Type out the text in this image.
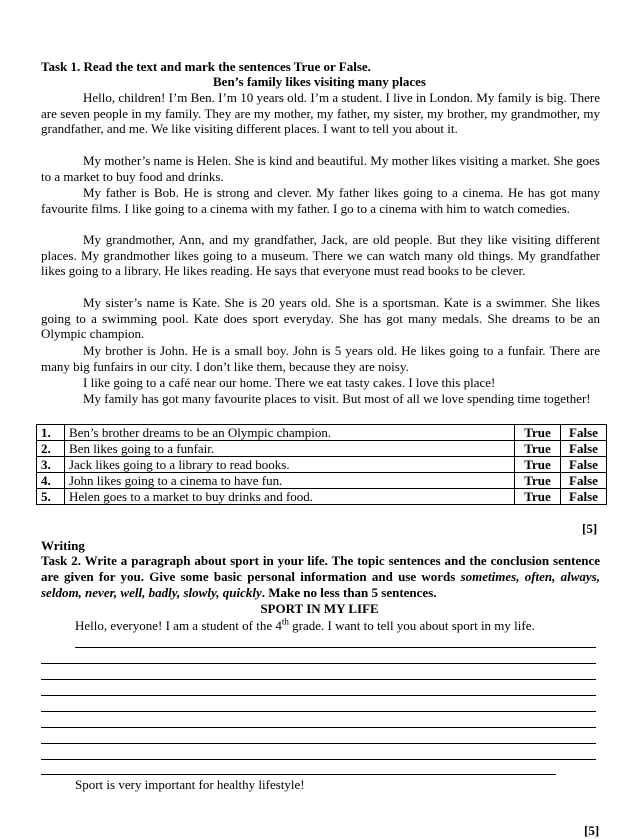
Task 1. Read the text and mark the sentences True or False.
Ben’s family likes visiting many places
Hello, children! I’m Ben. I’m 10 years old. I’m a student. I live in London. My family is big. There are seven people in my family. They are my mother, my father, my sister, my brother, my grandmother, my grandfather, and me. We like visiting different places. I want to tell you about it.
My mother’s name is Helen. She is kind and beautiful. My mother likes visiting a market. She goes to a market to buy food and drinks.
My father is Bob. He is strong and clever. My father likes going to a cinema. He has got many favourite films. I like going to a cinema with my father. I go to a cinema with him to watch comedies.
My grandmother, Ann, and my grandfather, Jack, are old people. But they like visiting different places. My grandmother likes going to a museum. There we can watch many old things. My grandfather likes going to a library. He likes reading. He says that everyone must read books to be clever.
My sister’s name is Kate. She is 20 years old. She is a sportsman. Kate is a swimmer. She likes going to a swimming pool. Kate does sport everyday. She has got many medals. She dreams to be an Olympic champion.
My brother is John. He is a small boy. John is 5 years old. He likes going to a funfair. There are many big funfairs in our city. I don’t like them, because they are noisy.
I like going to a café near our home. There we eat tasty cakes. I love this place!
My family has got many favourite places to visit. But most of all we love spending time together!
1.	Ben’s brother dreams to be an Olympic champion.	True	False
2.	Ben likes going to a funfair.	True	False
3.	Jack likes going to a library to read books.	True	False
4.	John likes going to a cinema to have fun.	True	False
5.	Helen goes to a market to buy drinks and food.	True	False
[5]
Writing
Task 2. Write a paragraph about sport in your life. The topic sentences and the conclusion sentence are given for you. Give some basic personal information and use words sometimes, often, always, seldom, never, well, badly, slowly, quickly. Make no less than 5 sentences.
SPORT IN MY LIFE
Hello, everyone! I am a student of the 4th grade. I want to tell you about sport in my life.
Sport is very important for healthy lifestyle!
[5]
